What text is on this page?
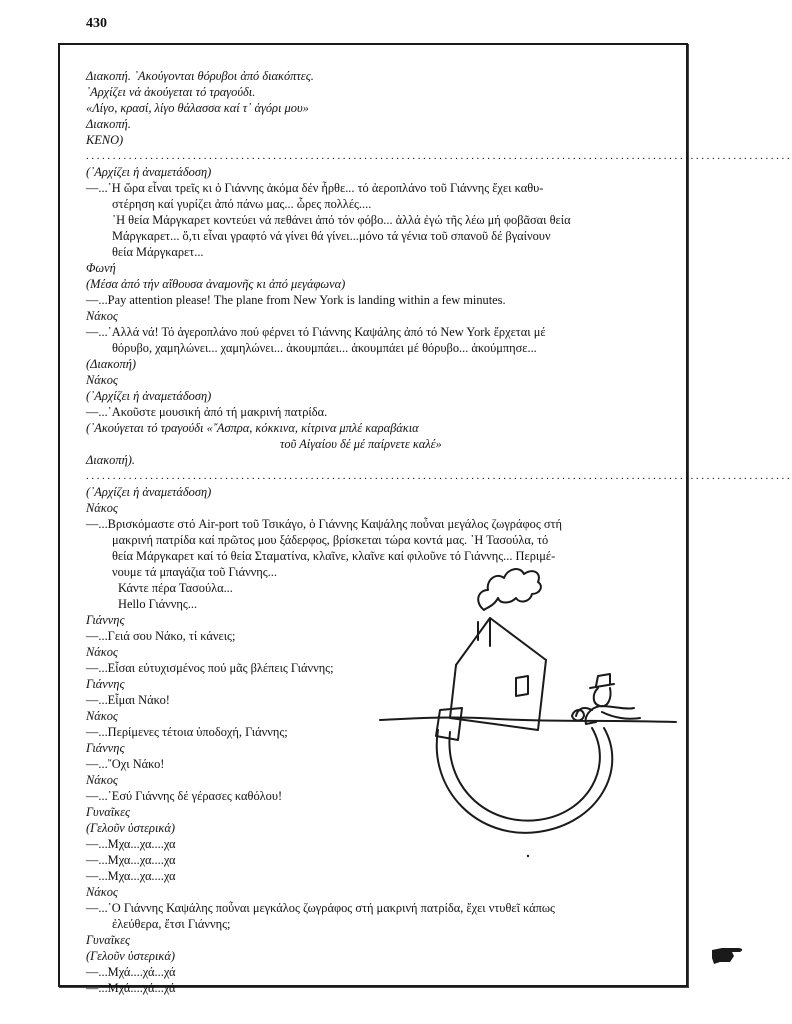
430
Διακοπή. ᾽Ακούγονται θόρυβοι ἀπό διακόπτες.
᾽Αρχίζει νά ἀκούγεται τό τραγούδι.
«Λίγο, κρασί, λίγο θάλασσα καί τ᾽ ἀγόρι μου»
Διακοπή.
ΚΕΝΟ)
....................................................................................................................................
(᾽Αρχίζει ἡ ἀναμετάδοση)
—...᾽Η ὥρα εἶναι τρεῖς κι ὁ Γιάννης ἀκόμα δέν ἦρθε... τό ἀεροπλάνο τοῦ Γιάννης ἔχει καθυ-
στέρηση καί γυρίζει ἀπό πάνω μας... ὧρες πολλές....
᾽Η θεία Μάργκαρετ κοντεύει νά πεθάνει ἀπό τόν φόβο... ἀλλά ἐγώ τῆς λέω μή φοβᾶσαι θεία
Μάργκαρετ... ὅ,τι εἶναι γραφτό νά γίνει θά γίνει...μόνο τά γένια τοῦ σπανοῦ δέ βγαίνουν
θεία Μάργκαρετ...
Φωνή
(Μέσα ἀπό τήν αἴθουσα ἀναμονῆς κι ἀπό μεγάφωνα)
—...Pay attention please! The plane from New York is landing within a few minutes.
Νάκος
—...᾽Αλλά νά! Τό ἀγεροπλάνο πού φέρνει τό Γιάννης Καψάλης ἀπό τό New York ἔρχεται μέ
θόρυβο, χαμηλώνει... χαμηλώνει... ἀκουμπάει... ἀκουμπάει μέ θόρυβο... ἀκούμπησε...
(Διακοπή)
Νάκος
(᾽Αρχίζει ἡ ἀναμετάδοση)
—...᾽Ακοῦστε μουσική ἀπό τή μακρινή πατρίδα.
(᾽Ακούγεται τό τραγούδι «῎Ασπρα, κόκκινα, κίτρινα μπλέ καραβάκια
τοῦ Αἰγαίου δέ μέ παίρνετε καλέ»
Διακοπή).
....................................................................................................................................
(᾽Αρχίζει ἡ ἀναμετάδοση)
Νάκος
—...Βρισκόμαστε στό Air-port τοῦ Τσικάγο, ὁ Γιάννης Καψάλης ποὖναι μεγάλος ζωγράφος στή
μακρινή πατρίδα καί πρῶτος μου ξάδερφος, βρίσκεται τώρα κοντά μας. ᾽Η Τασούλα, τό
θεία Μάργκαρετ καί τό θεία Σταματίνα, κλαῖνε, κλαῖνε καί φιλοῦνε τό Γιάννης... Περιμέ-
νουμε τά μπαγάζια τοῦ Γιάννης...
Κάντε πέρα Τασούλα...
Hello Γιάννης...
Γιάννης
—...Γειά σου Νάκο, τί κάνεις;
Νάκος
—...Εἶσαι εὐτυχισμένος πού μᾶς βλέπεις Γιάννης;
Γιάννης
—...Εἶμαι Νάκο!
Νάκος
—...Περίμενες τέτοια ὑποδοχή, Γιάννης;
Γιάννης
—...῎Οχι Νάκο!
Νάκος
—...᾽Εσύ Γιάννης δέ γέρασες καθόλου!
Γυναῖκες
(Γελοῦν ὑστερικά)
—...Μχα...χα....χα
—...Μχα...χα....χα
—...Μχα...χα....χα
Νάκος
—...᾽Ο Γιάννης Καψάλης ποὖναι μεγκάλος ζωγράφος στή μακρινή πατρίδα, ἔχει ντυθεῖ κάπως
ἐλεύθερα, ἔτσι Γιάννης;
Γυναῖκες
(Γελοῦν ὑστερικά)
—...Μχά....χά...χά
—...Μχά....χά...χά
